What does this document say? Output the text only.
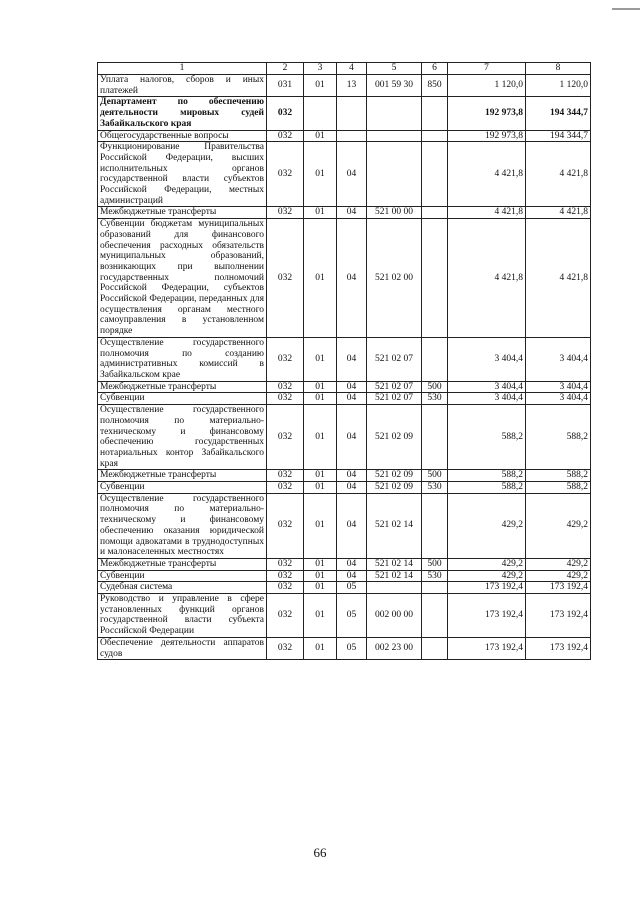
1	2	3	4	5	6	7	8
Уплата налогов, сборов и иных платежей	031	01	13	001 59 30	850	1 120,0	1 120,0
Департамент по обеспечению деятельности мировых судей Забайкальского края	032					192 973,8	194 344,7
Общегосударственные вопросы	032	01				192 973,8	194 344,7
Функционирование Правительства Российской Федерации, высших исполнительных органов государственной власти субъектов Российской Федерации, местных администраций	032	01	04			4 421,8	4 421,8
Межбюджетные трансферты	032	01	04	521 00 00		4 421,8	4 421,8
Субвенции бюджетам муниципальных образований для финансового обеспечения расходных обязательств муниципальных образований, возникающих при выполнении государственных полномочий Российской Федерации, субъектов Российской Федерации, переданных для осуществления органам местного самоуправления в установленном порядке	032	01	04	521 02 00		4 421,8	4 421,8
Осуществление государственного полномочия по созданию административных комиссий в Забайкальском крае	032	01	04	521 02 07		3 404,4	3 404,4
Межбюджетные трансферты	032	01	04	521 02 07	500	3 404,4	3 404,4
Субвенции	032	01	04	521 02 07	530	3 404,4	3 404,4
Осуществление государственного полномочия по материально-техническому и финансовому обеспечению государственных нотариальных контор Забайкальского края	032	01	04	521 02 09		588,2	588,2
Межбюджетные трансферты	032	01	04	521 02 09	500	588,2	588,2
Субвенции	032	01	04	521 02 09	530	588,2	588,2
Осуществление государственного полномочия по материально-техническому и финансовому обеспечению оказания юридической помощи адвокатами в труднодоступных и малонаселенных местностях	032	01	04	521 02 14		429,2	429,2
Межбюджетные трансферты	032	01	04	521 02 14	500	429,2	429,2
Субвенции	032	01	04	521 02 14	530	429,2	429,2
Судебная система	032	01	05			173 192,4	173 192,4
Руководство и управление в сфере установленных функций органов государственной власти субъекта Российской Федерации	032	01	05	002 00 00		173 192,4	173 192,4
Обеспечение деятельности аппаратов судов	032	01	05	002 23 00		173 192,4	173 192,4
66
